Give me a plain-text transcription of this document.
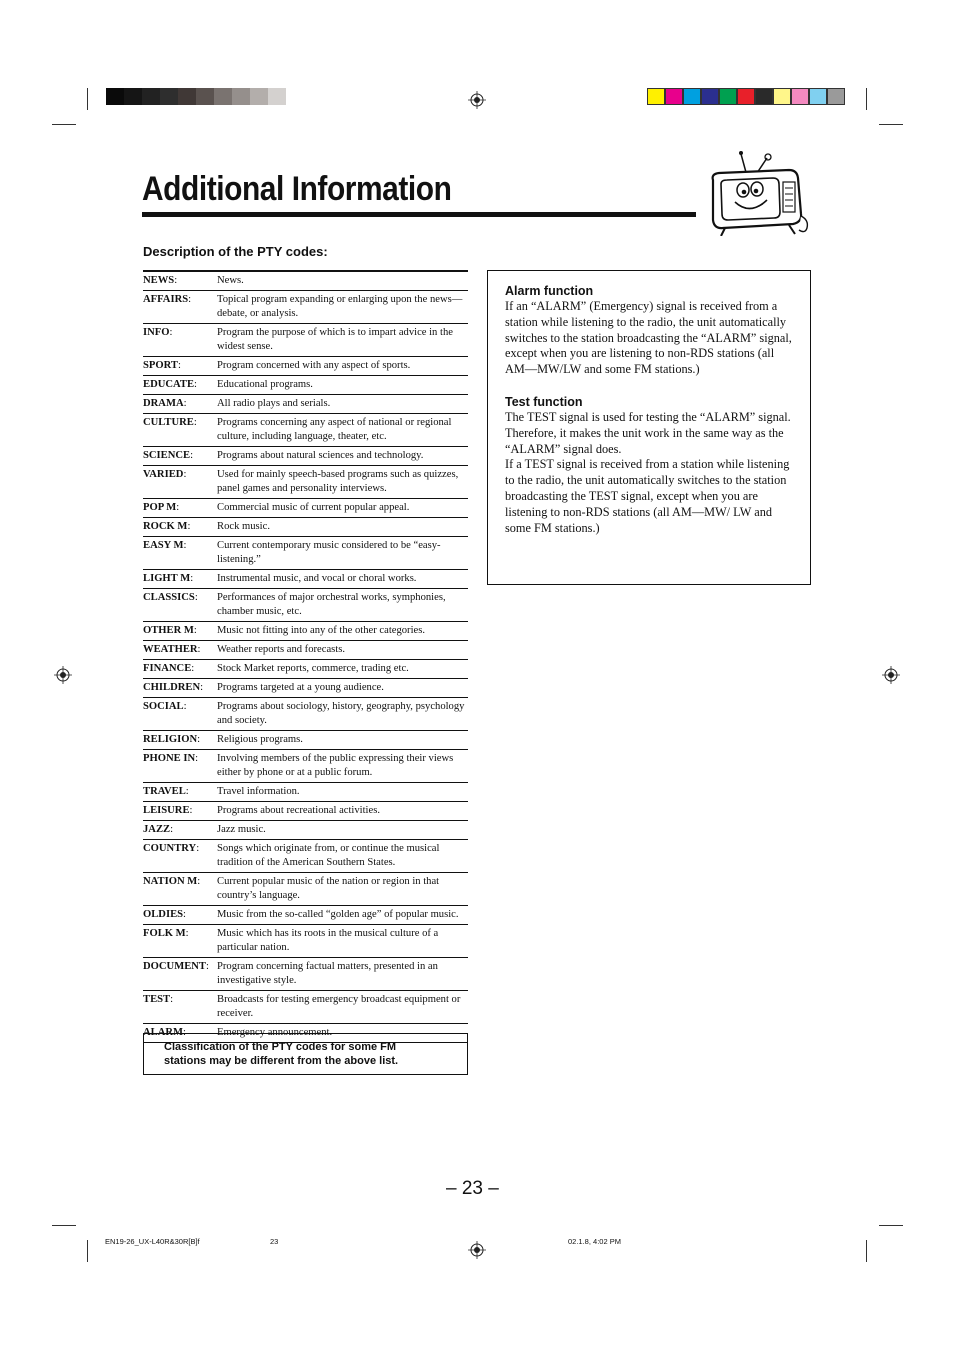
Additional Information
Description of the PTY codes:
NEWS:	News.
AFFAIRS:	Topical program expanding or enlarging upon the news—debate, or analysis.
INFO:	Program the purpose of which is to impart advice in the widest sense.
SPORT:	Program concerned with any aspect of sports.
EDUCATE:	Educational programs.
DRAMA:	All radio plays and serials.
CULTURE:	Programs concerning any aspect of national or regional culture, including language, theater, etc.
SCIENCE:	Programs about natural sciences and technology.
VARIED:	Used for mainly speech-based programs such as quizzes, panel games and personality interviews.
POP M:	Commercial music of current popular appeal.
ROCK M:	Rock music.
EASY M:	Current contemporary music considered to be “easy-listening.”
LIGHT M:	Instrumental music, and vocal or choral works.
CLASSICS:	Performances of major orchestral works, symphonies, chamber music, etc.
OTHER M:	Music not fitting into any of the other categories.
WEATHER:	Weather reports and forecasts.
FINANCE:	Stock Market reports, commerce, trading etc.
CHILDREN:	Programs targeted at a young audience.
SOCIAL:	Programs about sociology, history, geography, psychology and society.
RELIGION:	Religious programs.
PHONE IN:	Involving members of the public expressing their views either by phone or at a public forum.
TRAVEL:	Travel information.
LEISURE:	Programs about recreational activities.
JAZZ:	Jazz music.
COUNTRY:	Songs which originate from, or continue the musical tradition of the American Southern States.
NATION M:	Current popular music of the nation or region in that country’s language.
OLDIES:	Music from the so-called “golden age” of popular music.
FOLK M:	Music which has its roots in the musical culture of a particular nation.
DOCUMENT:	Program concerning factual matters, presented in an investigative style.
TEST:	Broadcasts for testing emergency broadcast equipment or receiver.
ALARM:	Emergency announcement.

Classification of the PTY codes for some FM stations may be different from the above list.

Alarm function

If an “ALARM” (Emergency) signal is received from a station while listening to the radio, the unit automatically switches to the station broadcasting the “ALARM” signal, except when you are listening to non-RDS stations (all AM—MW/LW and some FM stations.)

Test function

The TEST signal is used for testing the “ALARM” signal.

Therefore, it makes the unit work in the same way as the “ALARM” signal does.

If a TEST signal is received from a station while listening to the radio, the unit automatically switches to the station broadcasting the TEST signal, except when you are listening to non-RDS stations (all AM—MW/ LW and some FM stations.)

– 23 –
EN19-26_UX-L40R&30R[B]f	23	02.1.8, 4:02 PM
